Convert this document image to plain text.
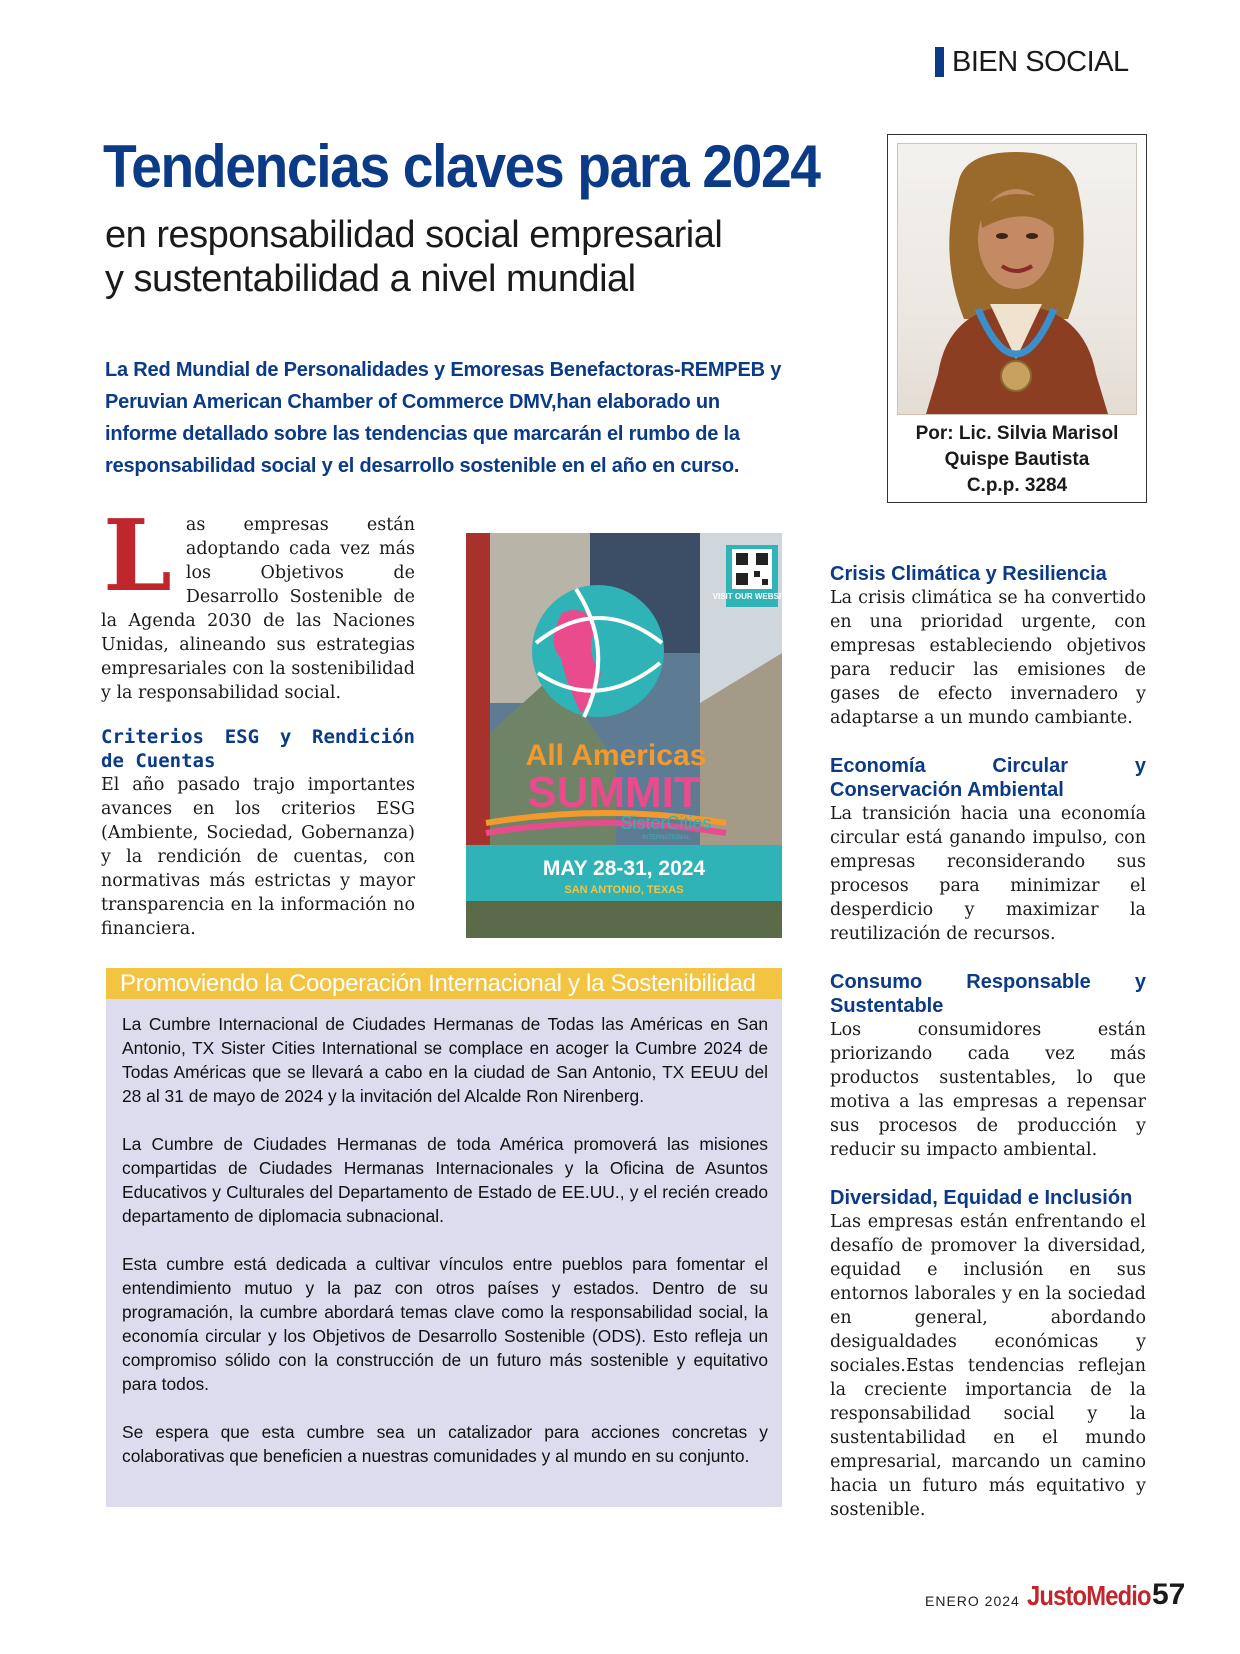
BIEN SOCIAL
Tendencias claves para 2024
en responsabilidad social empresarial
y sustentabilidad a nivel mundial
La Red Mundial de Personalidades y Emoresas Benefactoras-REMPEB y Peruvian American Chamber of Commerce DMV,han elaborado un informe detallado sobre las tendencias que marcarán el rumbo de la responsabilidad social y el desarrollo sostenible en el año en curso.
Por: Lic. Silvia Marisol
Quispe Bautista
C.p.p. 3284

Las empresas están adoptando cada vez más los Objetivos de Desarrollo Sostenible de la Agenda 2030 de las Naciones Unidas, alineando sus estrategias empresariales con la sostenibilidad y la responsabilidad social.

Criterios ESG y Rendición de Cuentas

El año pasado trajo importantes avances en los criterios ESG (Ambiente, Sociedad, Gobernanza) y la rendición de cuentas, con normativas más estrictas y mayor transparencia en la información no financiera.

VISIT OUR WEBSITE
All Americas
SUMMIT
SisterCities
INTERNATIONAL
MAY 28-31, 2024
SAN ANTONIO, TEXAS
Promoviendo la Cooperación Internacional y la Sostenibilidad

La Cumbre Internacional de Ciudades Hermanas de Todas las Américas en San Antonio, TX Sister Cities International se complace en acoger la Cumbre 2024 de Todas Américas que se llevará a cabo en la ciudad de San Antonio, TX EEUU del 28 al 31 de mayo de 2024 y la invitación del Alcalde Ron Nirenberg.

La Cumbre de Ciudades Hermanas de toda América promoverá las misiones compartidas de Ciudades Hermanas Internacionales y la Oficina de Asuntos Educativos y Culturales del Departamento de Estado de EE.UU., y el recién creado departamento de diplomacia subnacional.

Esta cumbre está dedicada a cultivar vínculos entre pueblos para fomentar el entendimiento mutuo y la paz con otros países y estados. Dentro de su programación, la cumbre abordará temas clave como la responsabilidad social, la economía circular y los Objetivos de Desarrollo Sostenible (ODS). Esto refleja un compromiso sólido con la construcción de un futuro más sostenible y equitativo para todos.

Se espera que esta cumbre sea un catalizador para acciones concretas y colaborativas que beneficien a nuestras comunidades y al mundo en su conjunto.

Crisis Climática y Resiliencia

La crisis climática se ha convertido en una prioridad urgente, con empresas estableciendo objetivos para reducir las emisiones de gases de efecto invernadero y adaptarse a un mundo cambiante.

Economía Circular y Conservación Ambiental

La transición hacia una economía circular está ganando impulso, con empresas reconsiderando sus procesos para minimizar el desperdicio y maximizar la reutilización de recursos.

Consumo Responsable y Sustentable

Los consumidores están priorizando cada vez más productos sustentables, lo que motiva a las empresas a repensar sus procesos de producción y reducir su impacto ambiental.

Diversidad, Equidad e Inclusión

Las empresas están enfrentando el desafío de promover la diversidad, equidad e inclusión en sus entornos laborales y en la sociedad en general, abordando desigualdades económicas y sociales.Estas tendencias reflejan la creciente importancia de la responsabilidad social y la sustentabilidad en el mundo empresarial, marcando un camino hacia un futuro más equitativo y sostenible.

ENERO 2024 JustoMedio 57
